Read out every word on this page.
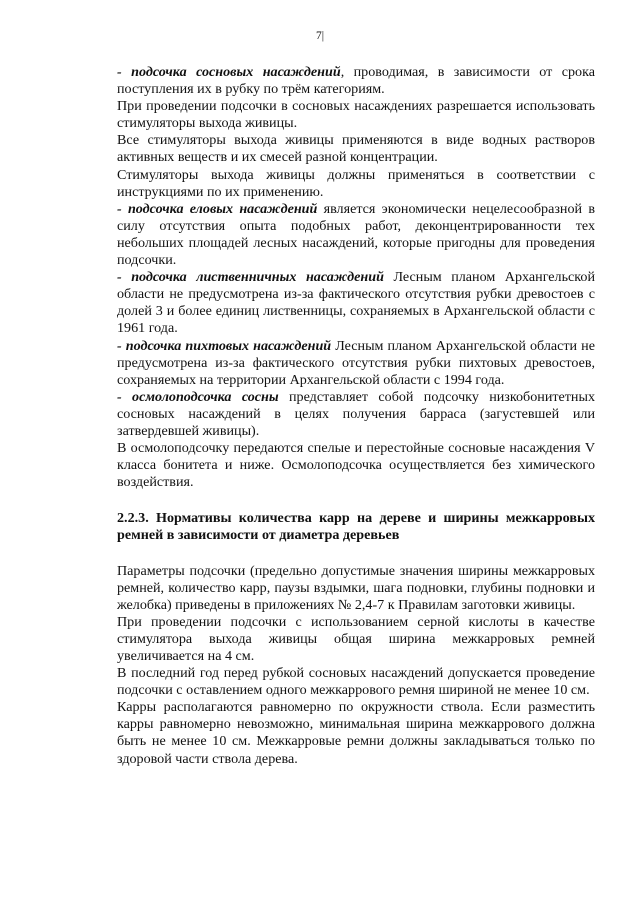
7|

- подсочка сосновых насаждений, проводимая, в зависимости от срока поступления их в рубку по трём категориям.

При проведении подсочки в сосновых насаждениях разрешается использовать стимуляторы выхода живицы.

Все стимуляторы выхода живицы применяются в виде водных растворов активных веществ и их смесей разной концентрации.

Стимуляторы выхода живицы должны применяться в соответствии с инструкциями по их применению.

- подсочка еловых насаждений является экономически нецелесообразной в силу отсутствия опыта подобных работ, деконцентрированности тех небольших площадей лесных насаждений, которые пригодны для проведения подсочки.

- подсочка лиственничных насаждений Лесным планом Архангельской области не предусмотрена из-за фактического отсутствия рубки древостоев с долей 3 и более единиц лиственницы, сохраняемых в Архангельской области с 1961 года.

- подсочка пихтовых насаждений Лесным планом Архангельской области не предусмотрена из-за фактического отсутствия рубки пихтовых древостоев, сохраняемых на территории Архангельской области с 1994 года.

- осмолоподсочка сосны представляет собой подсочку низкобонитетных сосновых насаждений в целях получения барраса (загустевшей или затвердевшей живицы).

В осмолоподсочку передаются спелые и перестойные сосновые насаждения V класса бонитета и ниже. Осмолоподсочка осуществляется без химического воздействия.

2.2.3. Нормативы количества карр на дереве и ширины межкарровых ремней в зависимости от диаметра деревьев

Параметры подсочки (предельно допустимые значения ширины межкарровых ремней, количество карр, паузы вздымки, шага подновки, глубины подновки и желобка) приведены в приложениях № 2,4-7 к Правилам заготовки живицы.

При проведении подсочки с использованием серной кислоты в качестве стимулятора выхода живицы общая ширина межкарровых ремней увеличивается на 4 см.

В последний год перед рубкой сосновых насаждений допускается проведение подсочки с оставлением одного межкаррового ремня шириной не менее 10 см.

Карры располагаются равномерно по окружности ствола. Если разместить карры равномерно невозможно, минимальная ширина межкаррового должна быть не менее 10 см. Межкарровые ремни должны закладываться только по здоровой части ствола дерева.
